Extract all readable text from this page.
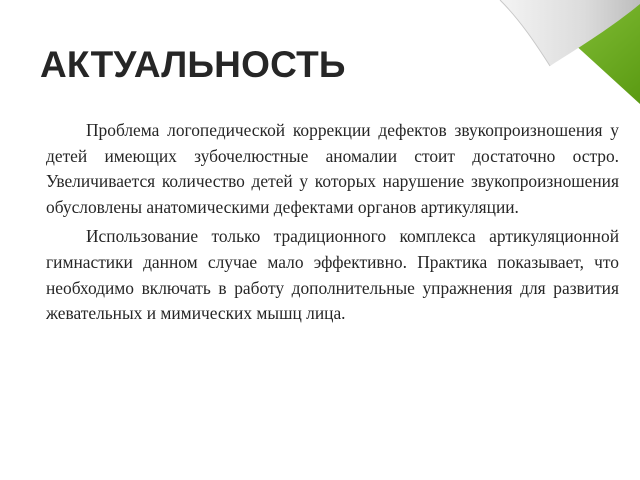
АКТУАЛЬНОСТЬ

Проблема логопедической коррекции дефектов звукопроизношения у детей имеющих зубочелюстные аномалии стоит достаточно остро. Увеличивается количество детей у которых нарушение звукопроизношения обусловлены анатомическими дефектами органов артикуляции.

Использование только традиционного комплекса артикуляционной гимнастики данном случае мало эффективно. Практика показывает, что необходимо включать в работу дополнительные упражнения для развития жевательных и мимических мышц лица.
